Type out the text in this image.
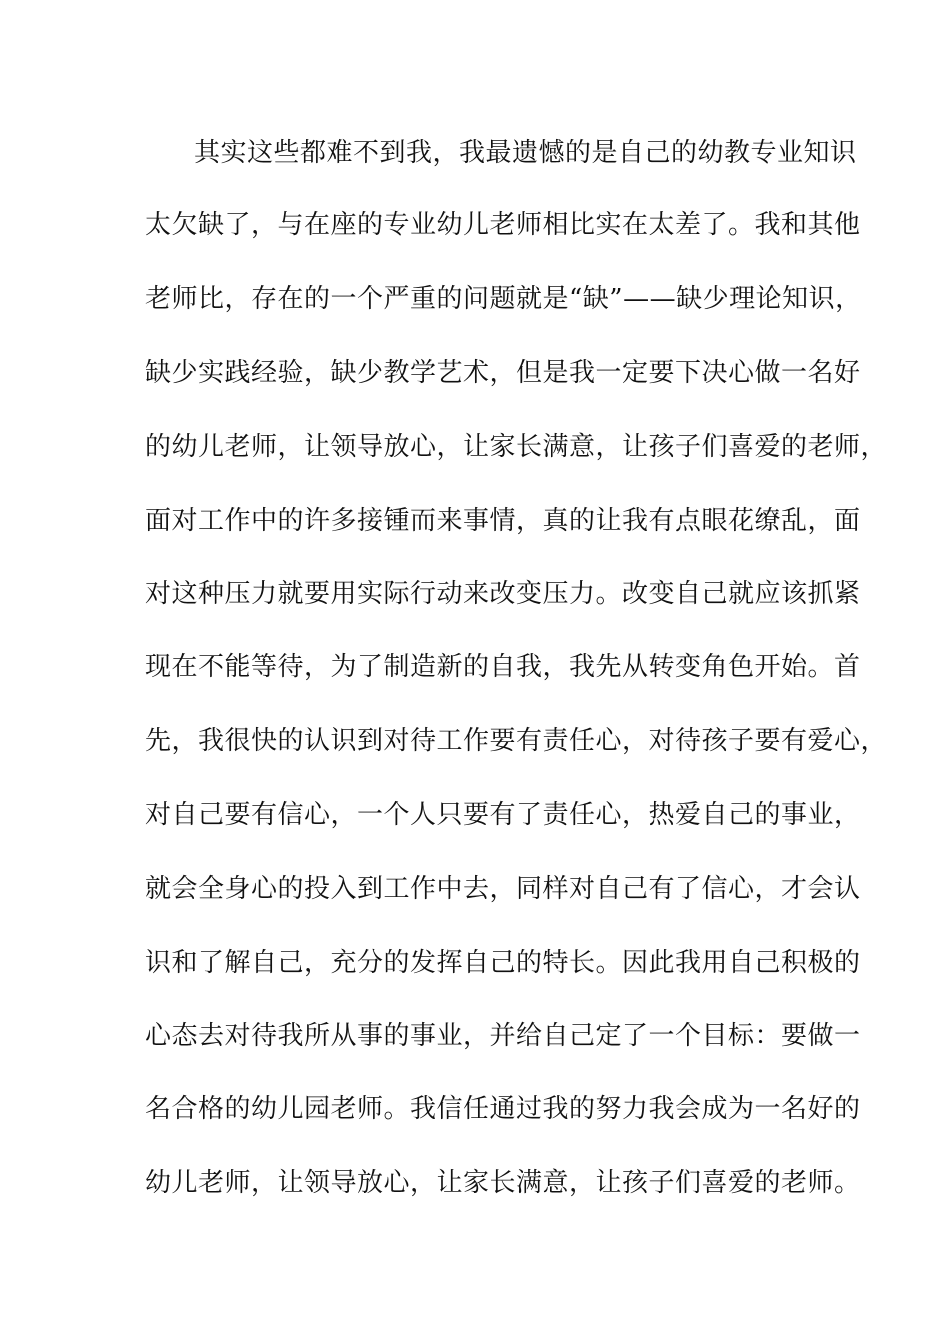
其实这些都难不到我，我最遗憾的是自己的幼教专业知识
太欠缺了，与在座的专业幼儿老师相比实在太差了。我和其他
老师比，存在的一个严重的问题就是“缺”——缺少理论知识，
缺少实践经验，缺少教学艺术，但是我一定要下决心做一名好
的幼儿老师，让领导放心，让家长满意，让孩子们喜爱的老师，
面对工作中的许多接锺而来事情，真的让我有点眼花缭乱，面
对这种压力就要用实际行动来改变压力。改变自己就应该抓紧
现在不能等待，为了制造新的自我，我先从转变角色开始。首
先，我很快的认识到对待工作要有责任心，对待孩子要有爱心，
对自己要有信心，一个人只要有了责任心，热爱自己的事业，
就会全身心的投入到工作中去，同样对自己有了信心，才会认
识和了解自己，充分的发挥自己的特长。因此我用自己积极的
心态去对待我所从事的事业，并给自己定了一个目标：要做一
名合格的幼儿园老师。我信任通过我的努力我会成为一名好的
幼儿老师，让领导放心，让家长满意，让孩子们喜爱的老师。
